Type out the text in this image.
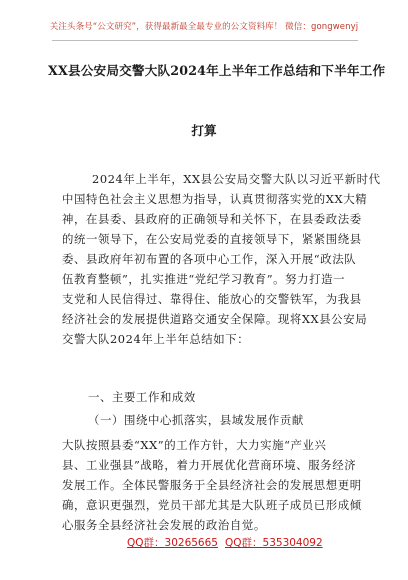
关注头条号“公文研究”，获得最新最全最专业的公文资料库！ 微信：gongwenyj
XX县公安局交警大队2024年上半年工作总结和下半年工作
打算
2024年上半年，XX县公安局交警大队以习近平新时代
中国特色社会主义思想为指导，认真贯彻落实党的XX大精
神，在县委、县政府的正确领导和关怀下，在县委政法委
的统一领导下，在公安局党委的直接领导下，紧紧围绕县
委、县政府年初布置的各项中心工作，深入开展“政法队
伍教育整顿”，扎实推进“党纪学习教育”。努力打造一
支党和人民信得过、靠得住、能放心的交警铁军，为我县
经济社会的发展提供道路交通安全保障。现将XX县公安局
交警大队2024年上半年总结如下：
一、主要工作和成效
（一）围绕中心抓落实，县域发展作贡献
大队按照县委“XX”的工作方针，大力实施“产业兴
县、工业强县”战略，着力开展优化营商环境、服务经济
发展工作。全体民警服务于全县经济社会的发展思想更明
确，意识更强烈，党员干部尤其是大队班子成员已形成倾
心服务全县经济社会发展的政治自觉。
QQ群：30265665 QQ群：535304092
